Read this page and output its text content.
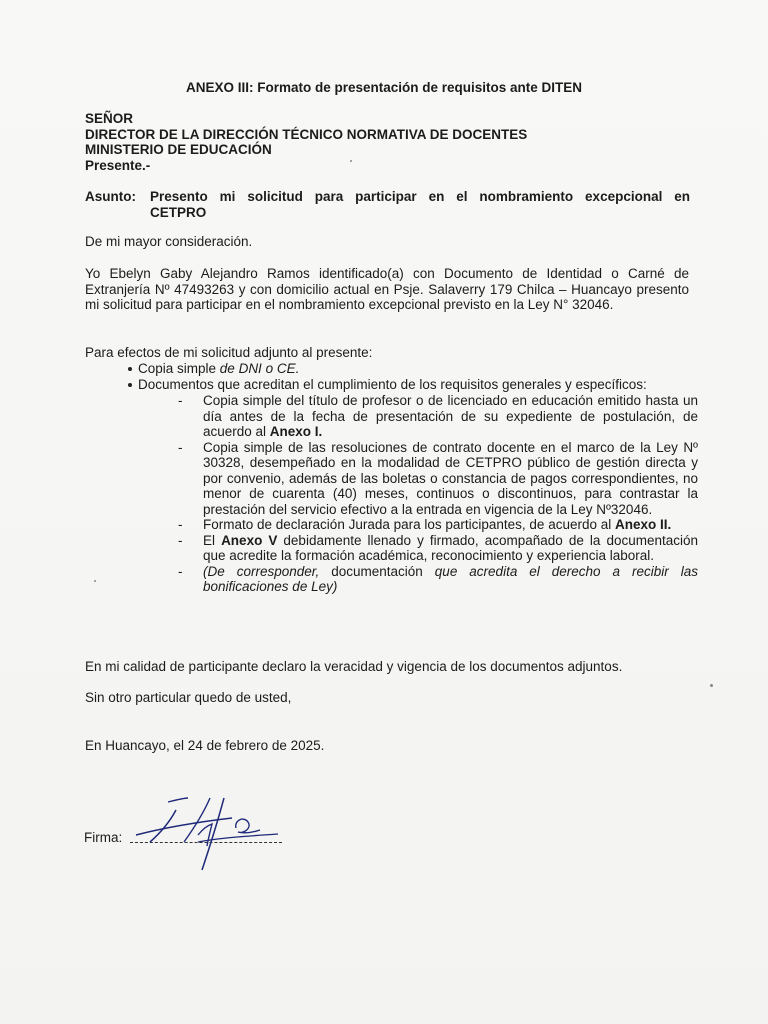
ANEXO III: Formato de presentación de requisitos ante DITEN
SEÑOR
DIRECTOR DE LA DIRECCIÓN TÉCNICO NORMATIVA DE DOCENTES
MINISTERIO DE EDUCACIÓN
Presente.-
Asunto:	Presento mi solicitud para participar en el nombramiento excepcional en
CETPRO
De mi mayor consideración.
Yo Ebelyn Gaby Alejandro Ramos identificado(a) con Documento de Identidad o Carné de Extranjería Nº 47493263 y con domicilio actual en Psje. Salaverry 179 Chilca – Huancayo presento mi solicitud para participar en el nombramiento excepcional previsto en la Ley N° 32046.
Para efectos de mi solicitud adjunto al presente:
Copia simple de DNI o CE.
Documentos que acreditan el cumplimiento de los requisitos generales y específicos:
- Copia simple del título de profesor o de licenciado en educación emitido hasta un día antes de la fecha de presentación de su expediente de postulación, de acuerdo al Anexo I.
- Copia simple de las resoluciones de contrato docente en el marco de la Ley Nº 30328, desempeñado en la modalidad de CETPRO público de gestión directa y por convenio, además de las boletas o constancia de pagos correspondientes, no menor de cuarenta (40) meses, continuos o discontinuos, para contrastar la prestación del servicio efectivo a la entrada en vigencia de la Ley Nº32046.
- Formato de declaración Jurada para los participantes, de acuerdo al Anexo II.
- El Anexo V debidamente llenado y firmado, acompañado de la documentación que acredite la formación académica, reconocimiento y experiencia laboral.
- (De corresponder, documentación que acredita el derecho a recibir las bonificaciones de Ley)
En mi calidad de participante declaro la veracidad y vigencia de los documentos adjuntos.
Sin otro particular quedo de usted,
En Huancayo, el 24 de febrero de 2025.
Firma:
